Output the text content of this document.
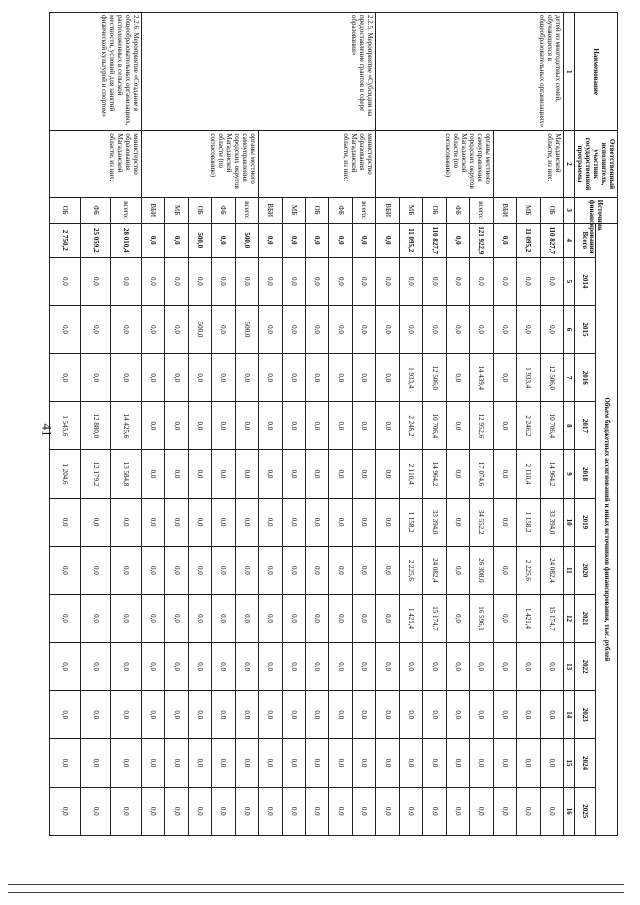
41
Наименование	Ответственный исполнитель, участник государственной программы	Источник финансирования	Объем бюджетных ассигнований и иных источников финансирования, тыс. рублей												
			Всего	2014	2015	2016	2017	2018	2019	2020	2021	2022	2023	2024	2025
1	2	3	4	5	6	7	8	9	10	11	12	13	14	15	16
детей из многодетных семей, обучающихся в общеобразовательных организациях»	Магаданской области, из них:	ОБ	110 827,7	0,0	0,0	12 506,0	10 706,4	14 964,2	33 394,0	24 082,4	15 174,7	0,0	0,0	0,0	0,0
		МБ	11 095,2	0,0	0,0	1 933,4	2 246,2	2 110,4	1 158,2	2 225,6	1 421,4	0,0	0,0	0,0	0,0
		ВБИ	0,0	0,0	0,0	0,0	0,0	0,0	0,0	0,0	0,0	0,0	0,0	0,0	0,0
	органы местного самоуправления городских округов Магаданской области (по согласованию)	всего:	121 922,9	0,0	0,0	14 439,4	12 952,6	17 074,6	34 552,2	26 308,0	16 596,1	0,0	0,0	0,0	0,0
		ФБ	0,0	0,0	0,0	0,0	0,0	0,0	0,0	0,0	0,0	0,0	0,0	0,0	0,0
		ОБ	110 827,7	0,0	0,0	12 506,0	10 706,4	14 964,2	33 394,0	24 082,4	15 174,7	0,0	0,0	0,0	0,0
		МБ	11 095,2	0,0	0,0	1 933,4	2 246,2	2 110,4	1 158,2	2 225,6	1 421,4	0,0	0,0	0,0	0,0
		ВБИ	0,0	0,0	0,0	0,0	0,0	0,0	0,0	0,0	0,0	0,0	0,0	0,0	0,0
2.2.5. Мероприятие «Субсидии на предоставление грантов в сфере образования»	министерство образования Магаданской области, из них:	всего:	0,0	0,0	0,0	0,0	0,0	0,0	0,0	0,0	0,0	0,0	0,0	0,0	0,0
		ФБ	0,0	0,0	0,0	0,0	0,0	0,0	0,0	0,0	0,0	0,0	0,0	0,0	0,0
		ОБ	0,0	0,0	0,0	0,0	0,0	0,0	0,0	0,0	0,0	0,0	0,0	0,0	0,0
		МБ	0,0	0,0	0,0	0,0	0,0	0,0	0,0	0,0	0,0	0,0	0,0	0,0	0,0
		ВБИ	0,0	0,0	0,0	0,0	0,0	0,0	0,0	0,0	0,0	0,0	0,0	0,0	0,0
	органы местного самоуправления городских округов Магаданской области (по согласованию)	всего:	500,0	0,0	500,0	0,0	0,0	0,0	0,0	0,0	0,0	0,0	0,0	0,0	0,0
		ФБ	0,0	0,0	0,0	0,0	0,0	0,0	0,0	0,0	0,0	0,0	0,0	0,0	0,0
		ОБ	500,0	0,0	500,0	0,0	0,0	0,0	0,0	0,0	0,0	0,0	0,0	0,0	0,0
		МБ	0,0	0,0	0,0	0,0	0,0	0,0	0,0	0,0	0,0	0,0	0,0	0,0	0,0
		ВБИ	0,0	0,0	0,0	0,0	0,0	0,0	0,0	0,0	0,0	0,0	0,0	0,0	0,0
2.2.6. Мероприятие «Создание в общеобразовательных организациях, расположенных в сельской местности, условий для занятий физической культурой и спортом»	министерство образования Магаданской области, из них:	всего:	28 010,4	0,0	0,0	0,0	14 425,6	13 584,8	0,0	0,0	0,0	0,0	0,0	0,0	0,0
		ФБ	25 059,2	0,0	0,0	0,0	12 880,0	12 179,2	0,0	0,0	0,0	0,0	0,0	0,0	0,0
		ОБ	2 750,2	0,0	0,0	0,0	1 545,6	1 204,6	0,0	0,0	0,0	0,0	0,0	0,0	0,0
